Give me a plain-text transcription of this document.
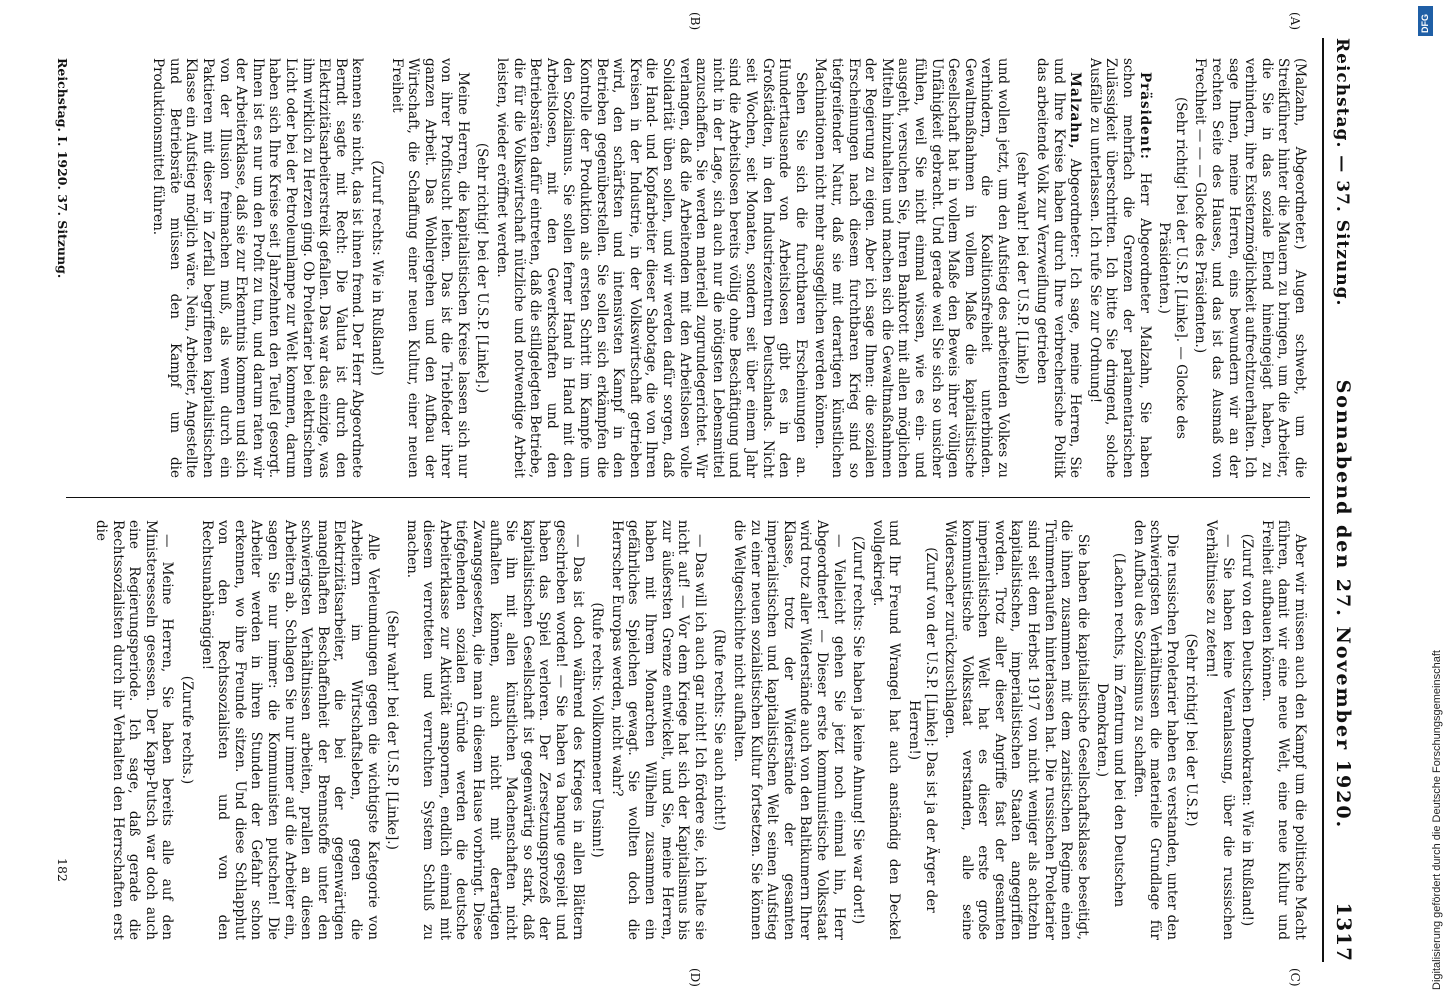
Reichstag. — 37. Sitzung.
Sonnabend den 27. November 1920.
1317
(A)
(B)
(C)
(D)

(Malzahn, Abgeordneter.) Augen schwebt, um die Streikführer hinter die Mauern zu bringen, um die Arbeiter, die Sie in das soziale Elend hineingejagt haben, zu verhindern, ihre Existenzmöglichkeit aufrechtzuerhalten. Ich sage Ihnen, meine Herren, eins bewundern wir an der rechten Seite des Hauses, und das ist das Ausmaß von Frechheit — — — Glocke des Präsidenten.)

(Sehr richtig! bei der U.S.P. [Linke]. — Glocke des Präsidenten.)

Präsident: Herr Abgeordneter Malzahn, Sie haben schon mehrfach die Grenzen der parlamentarischen Zulässigkeit überschritten. Ich bitte Sie dringend, solche Ausfälle zu unterlassen. Ich rufe Sie zur Ordnung!

Malzahn, Abgeordneter: Ich sage, meine Herren, Sie und Ihre Kreise haben durch Ihre verbrecherische Politik das arbeitende Volk zur Verzweiflung getrieben

(sehr wahr! bei der U.S.P. [Linke])

und wollen jetzt, um den Aufstieg des arbeitenden Volkes zu verhindern, die Koalitionsfreiheit unterbinden. Gewaltmaßnahmen in vollem Maße die kapitalistische Gesellschaft hat in vollem Maße den Beweis ihrer völligen Unfähigkeit gebracht. Und gerade weil Sie sich so unsicher fühlen, weil Sie nicht einmal wissen, wie es ein- und ausgeht, versuchen Sie, Ihren Bankrott mit allen möglichen Mitteln hinzuhalten und machen sich die Gewaltmaßnahmen der Regierung zu eigen. Aber ich sage Ihnen: die sozialen Erscheinungen nach diesem furchtbaren Krieg sind so tiefgreifender Natur, daß sie mit derartigen künstlichen Machinationen nicht mehr ausgeglichen werden können.

Sehen Sie sich die furchtbaren Erscheinungen an. Hunderttausende von Arbeitslosen gibt es in den Großstädten, in den Industriezentren Deutschlands. Nicht seit Wochen, seit Monaten, sondern seit über einem Jahr sind die Arbeitslosen bereits völlig ohne Beschäftigung und nicht in der Lage, sich auch nur die nötigsten Lebensmittel anzuschaffen. Sie werden materiell zugrundegerichtet. Wir verlangen, daß die Arbeitenden mit den Arbeitslosen volle Solidarität üben sollen, und wir werden dafür sorgen, daß die Hand- und Kopfarbeiter dieser Sabotage, die von Ihren Kreisen in der Industrie, in der Volkswirtschaft getrieben wird, den schärfsten und intensivsten Kampf in den Betrieben gegenüberstellen. Sie sollen sich erkämpfen die Kontrolle der Produktion als ersten Schritt im Kampfe um den Sozialismus. Sie sollen ferner Hand in Hand mit den Arbeitslosen, mit den Gewerkschaften und den Betriebsräten dafür eintreten, daß die stillgelegten Betriebe, die für die Volkswirtschaft nützliche und notwendige Arbeit leisten, wieder eröffnet werden.

(Sehr richtig! bei der U.S.P. [Linke].)

Meine Herren, die kapitalistischen Kreise lassen sich nur von ihrer Profitsucht leiten. Das ist die Triebfeder ihrer ganzen Arbeit. Das Wohlergehen und den Aufbau der Wirtschaft, die Schaffung einer neuen Kultur, einer neuen Freiheit

(Zuruf rechts: Wie in Rußland!)

kennen sie nicht, das ist ihnen fremd. Der Herr Abgeordnete Berndt sagte mit Recht: Die Valuta ist durch den Elektrizitätsarbeiterstreik gefallen. Das war das einzige, was ihm wirklich zu Herzen ging. Ob Proletarier bei elektrischem Licht oder bei der Petroleumlampe zur Welt kommen, darum haben sich Ihre Kreise seit Jahrzehnten den Teufel gesorgt. Ihnen ist es nur um den Profit zu tun, und darum raten wir der Arbeiterklasse, daß sie zur Erkenntnis kommen und sich von der Illusion freimachen muß, als wenn durch ein Paktieren mit dieser in Zerfall begriffenen kapitalistischen Klasse ein Aufstieg möglich wäre. Nein, Arbeiter, Angestellte und Betriebsräte müssen den Kampf um die Produktionsmittel führen.

Aber wir müssen auch den Kampf um die politische Macht führen, damit wir eine neue Welt, eine neue Kultur und Freiheit aufbauen können.

(Zuruf von den Deutschen Demokraten: Wie in Rußland!)

— Sie haben keine Veranlassung, über die russischen Verhältnisse zu zetern!

(Sehr richtig! bei der U.S.P.)

Die russischen Proletarier haben es verstanden, unter den schwierigsten Verhältnissen die materielle Grundlage für den Aufbau des Sozialismus zu schaffen.

(Lachen rechts, im Zentrum und bei den Deutschen Demokraten.)

Sie haben die kapitalistische Gesellschaftsklasse beseitigt, die ihnen zusammen mit dem zaristischen Regime einen Trümmerhaufen hinterlassen hat. Die russischen Proletarier sind seit dem Herbst 1917 von nicht weniger als achtzehn kapitalistischen, imperialistischen Staaten angegriffen worden. Trotz aller dieser Angriffe fast der gesamten imperialistischen Welt hat es dieser erste große kommunistische Volksstaat verstanden, alle seine Widersacher zurückzuschlagen.

(Zuruf von der U.S.P. [Linke]: Das ist ja der Ärger der Herren!)

und Ihr Freund Wrangel hat auch anständig den Deckel vollgekriegt.

(Zuruf rechts: Sie haben ja keine Ahnung! Sie war dort!)

— Vielleicht gehen Sie jetzt noch einmal hin, Herr Abgeordneter! — Dieser erste kommunistische Volksstaat wird trotz aller Widerstände auch von den Baltikumern Ihrer Klasse, trotz der Widerstände der gesamten imperialistischen und kapitalistischen Welt seinen Aufstieg zu einer neuen sozialistischen Kultur fortsetzen. Sie können die Weltgeschichte nicht aufhalten.

(Rufe rechts: Sie auch nicht!)

— Das will ich auch gar nicht! Ich fördere sie, ich halte sie nicht auf! — Vor dem Kriege hat sich der Kapitalismus bis zur äußersten Grenze entwickelt, und Sie, meine Herren, haben mit Ihrem Monarchen Wilhelm zusammen ein gefährliches Spielchen gewagt. Sie wollten doch die Herrscher Europas werden, nicht wahr?

(Rufe rechts: Vollkommener Unsinn!)

— Das ist doch während des Krieges in allen Blättern geschrieben worden! — Sie haben va banque gespielt und haben das Spiel verloren. Der Zersetzungsprozeß der kapitalistischen Gesellschaft ist gegenwärtig so stark, daß Sie ihn mit allen künstlichen Machenschaften nicht aufhalten können, auch nicht mit derartigen Zwangsgesetzen, die man in diesem Hause vorbringt. Diese tiefgehenden sozialen Gründe werden die deutsche Arbeiterklasse zur Aktivität anspornen, endlich einmal mit diesem verrotteten und verruchten System Schluß zu machen.

(Sehr wahr! bei der U.S.P. [Linke].)

Alle Verleumdungen gegen die wichtigste Kategorie von Arbeitern im Wirtschaftsleben, gegen die Elektrizitätsarbeiter, die bei der gegenwärtigen mangelhaften Beschaffenheit der Brennstoffe unter den schwierigsten Verhältnissen arbeiten, prallen an diesen Arbeitern ab. Schlagen Sie nur immer auf die Arbeiter ein, sagen Sie nur immer: die Kommunisten putschen! Die Arbeiter werden in ihren Stunden der Gefahr schon erkennen, wo ihre Freunde sitzen. Und diese Schlapphut von den Rechtssozialisten und von den Rechtsunabhängigen!

(Zurufe rechts.)

— Meine Herren, Sie haben bereits alle auf den Ministersesseln gesessen. Der Kapp-Putsch war doch auch eine Regierungsperiode. Ich sage, daß gerade die Rechtssozialisten durch ihr Verhalten den Herrschaften erst die

Reichstag. I. 1920. 37. Sitzung.
182
DFG
Digitalisierung gefördert durch die Deutsche Forschungsgemeinschaft
